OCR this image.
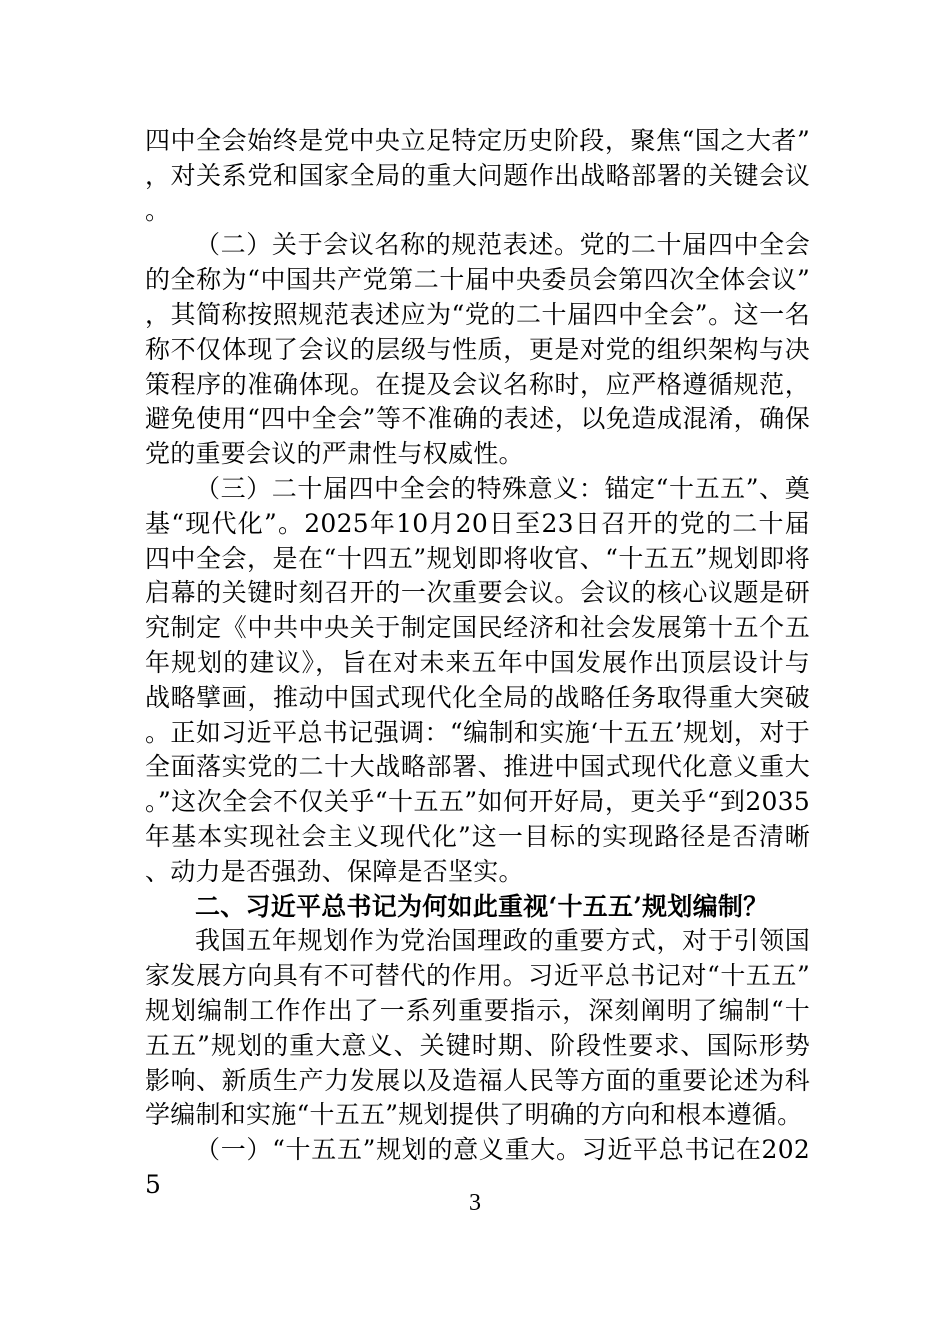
四中全会始终是党中央立足特定历史阶段，聚焦“国之大者”，对关系党和国家全局的重大问题作出战略部署的关键会议。

（二）关于会议名称的规范表述。党的二十届四中全会的全称为“中国共产党第二十届中央委员会第四次全体会议”，其简称按照规范表述应为“党的二十届四中全会”。这一名称不仅体现了会议的层级与性质，更是对党的组织架构与决策程序的准确体现。在提及会议名称时，应严格遵循规范，避免使用“四中全会”等不准确的表述，以免造成混淆，确保党的重要会议的严肃性与权威性。

（三）二十届四中全会的特殊意义：锚定“十五五”、奠基“现代化”。2025年10月20日至23日召开的党的二十届四中全会，是在“十四五”规划即将收官、“十五五”规划即将启幕的关键时刻召开的一次重要会议。会议的核心议题是研究制定《中共中央关于制定国民经济和社会发展第十五个五年规划的建议》，旨在对未来五年中国发展作出顶层设计与战略擘画，推动中国式现代化全局的战略任务取得重大突破。正如习近平总书记强调：“编制和实施‘十五五’规划，对于全面落实党的二十大战略部署、推进中国式现代化意义重大。”这次全会不仅关乎“十五五”如何开好局，更关乎“到2035年基本实现社会主义现代化”这一目标的实现路径是否清晰、动力是否强劲、保障是否坚实。

二、习近平总书记为何如此重视‘十五五’规划编制？

我国五年规划作为党治国理政的重要方式，对于引领国家发展方向具有不可替代的作用。习近平总书记对“十五五”规划编制工作作出了一系列重要指示，深刻阐明了编制“十五五”规划的重大意义、关键时期、阶段性要求、国际形势影响、新质生产力发展以及造福人民等方面的重要论述为科学编制和实施“十五五”规划提供了明确的方向和根本遵循。

（一）“十五五”规划的意义重大。习近平总书记在2025

3
